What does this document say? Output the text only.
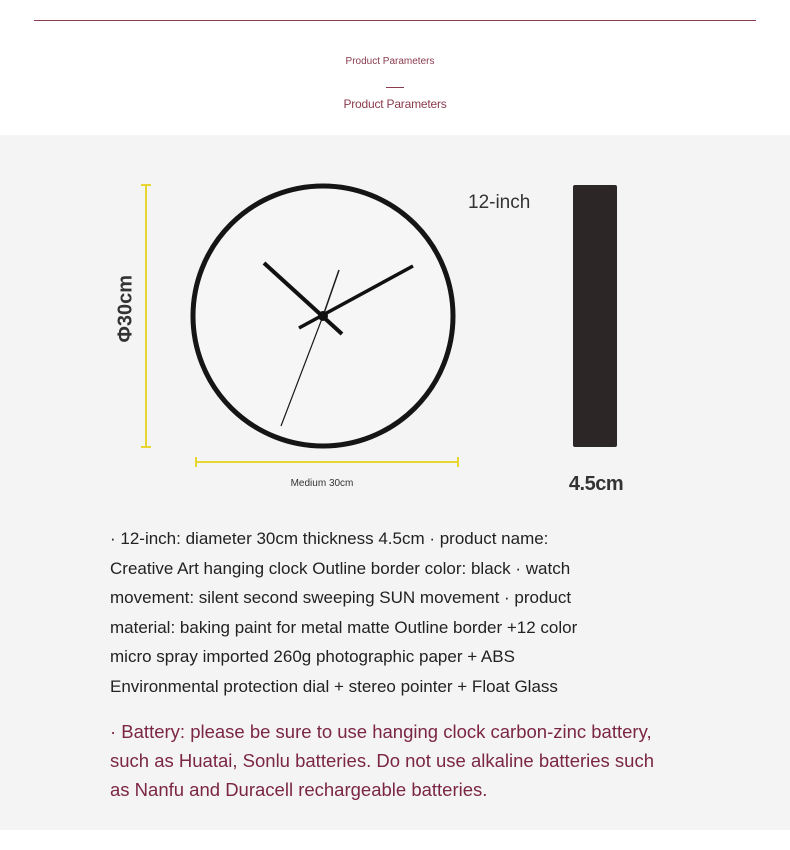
Product Parameters
Product Parameters
Φ30cm
Medium 30cm
12-inch
4.5cm
· 12-inch: diameter 30cm thickness 4.5cm · product name: Creative Art hanging clock Outline border color: black · watch movement: silent second sweeping SUN movement · product material: baking paint for metal matte Outline border +12 color micro spray imported 260g photographic paper + ABS Environmental protection dial + stereo pointer + Float Glass
· Battery: please be sure to use hanging clock carbon-zinc battery, such as Huatai, Sonlu batteries. Do not use alkaline batteries such as Nanfu and Duracell rechargeable batteries.
